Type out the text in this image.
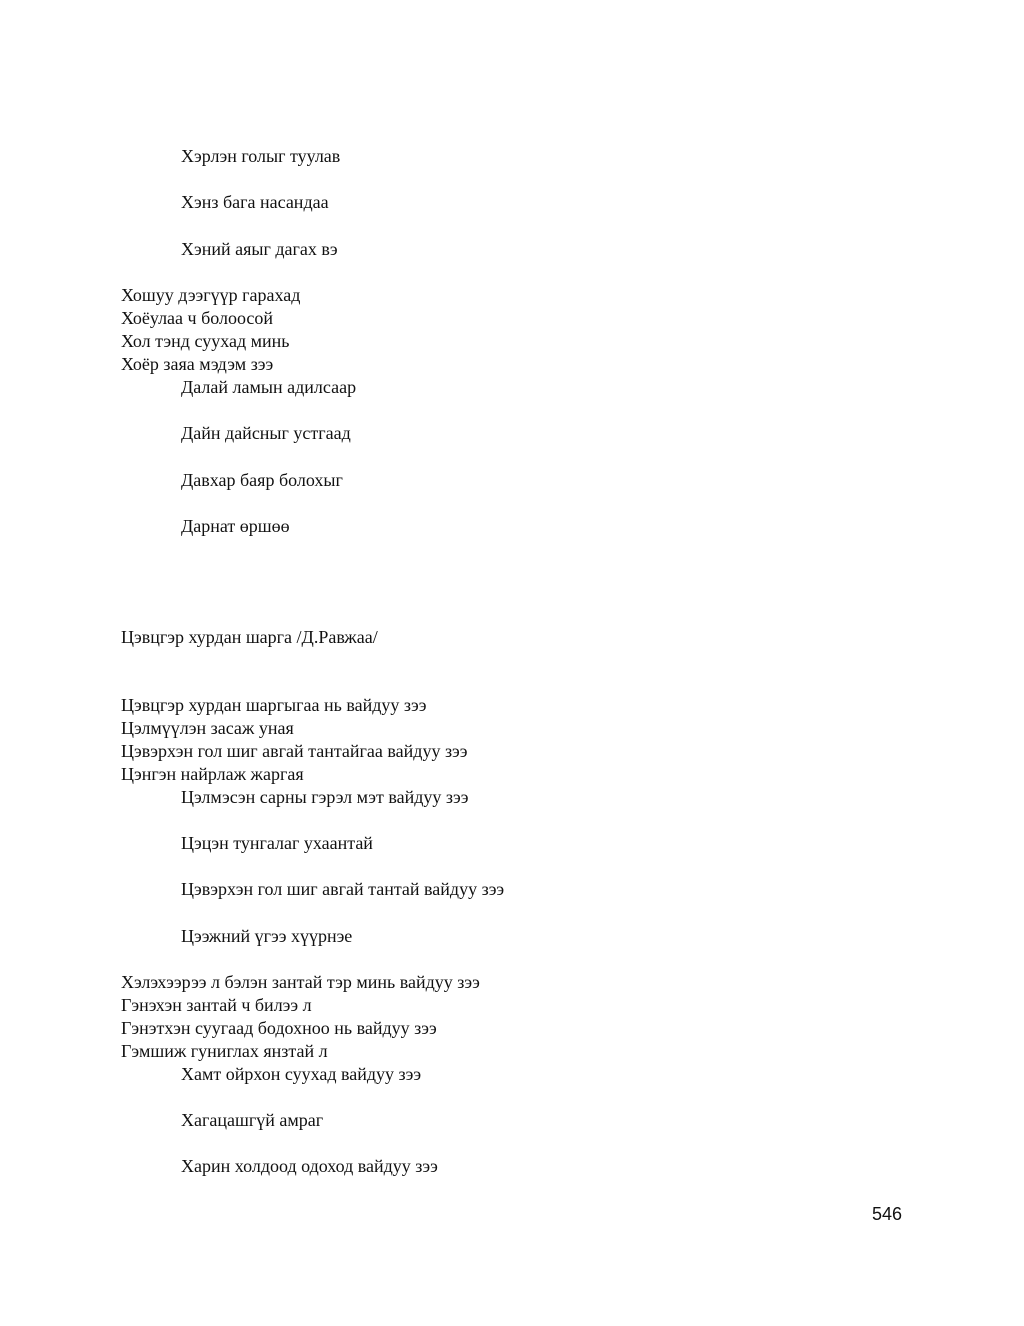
Хэрлэн голыг туулав
Хэнз бага насандаа
Хэний аяыг дагах вэ
Хошуу дээгүүр гарахад
Хоёулаа ч болоосой
Хол тэнд суухад минь
Хоёр заяа мэдэм зээ
Далай ламын адилсаар
Дайн дайсныг устгаад
Давхар баяр болохыг
Дарнат өршөө
Цэвцгэр хурдан шарга /Д.Равжаа/
Цэвцгэр хурдан шаргыгаа нь вайдуу зээ
Цэлмүүлэн засаж уная
Цэвэрхэн гол шиг авгай тантайгаа вайдуу зээ
Цэнгэн найрлаж жаргая
Цэлмэсэн сарны гэрэл мэт вайдуу зээ
Цэцэн тунгалаг ухаантай
Цэвэрхэн гол шиг авгай тантай вайдуу зээ
Цээжний үгээ хүүрнэе
Хэлэхээрээ л бэлэн зантай тэр минь вайдуу зээ
Гэнэхэн зантай ч билээ л
Гэнэтхэн суугаад бодохноо нь вайдуу зээ
Гэмшиж гуниглах янзтай л
Хамт ойрхон суухад вайдуу зээ
Хагацашгүй амраг
Харин холдоод одоход вайдуу зээ
546
